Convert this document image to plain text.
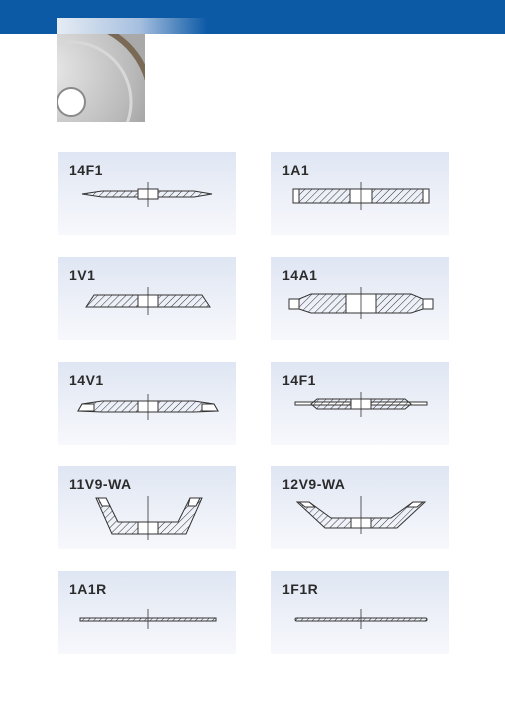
14F1	1A1
1V1	14A1
14V1	14F1
11V9-WA	12V9-WA
1A1R	1F1R
